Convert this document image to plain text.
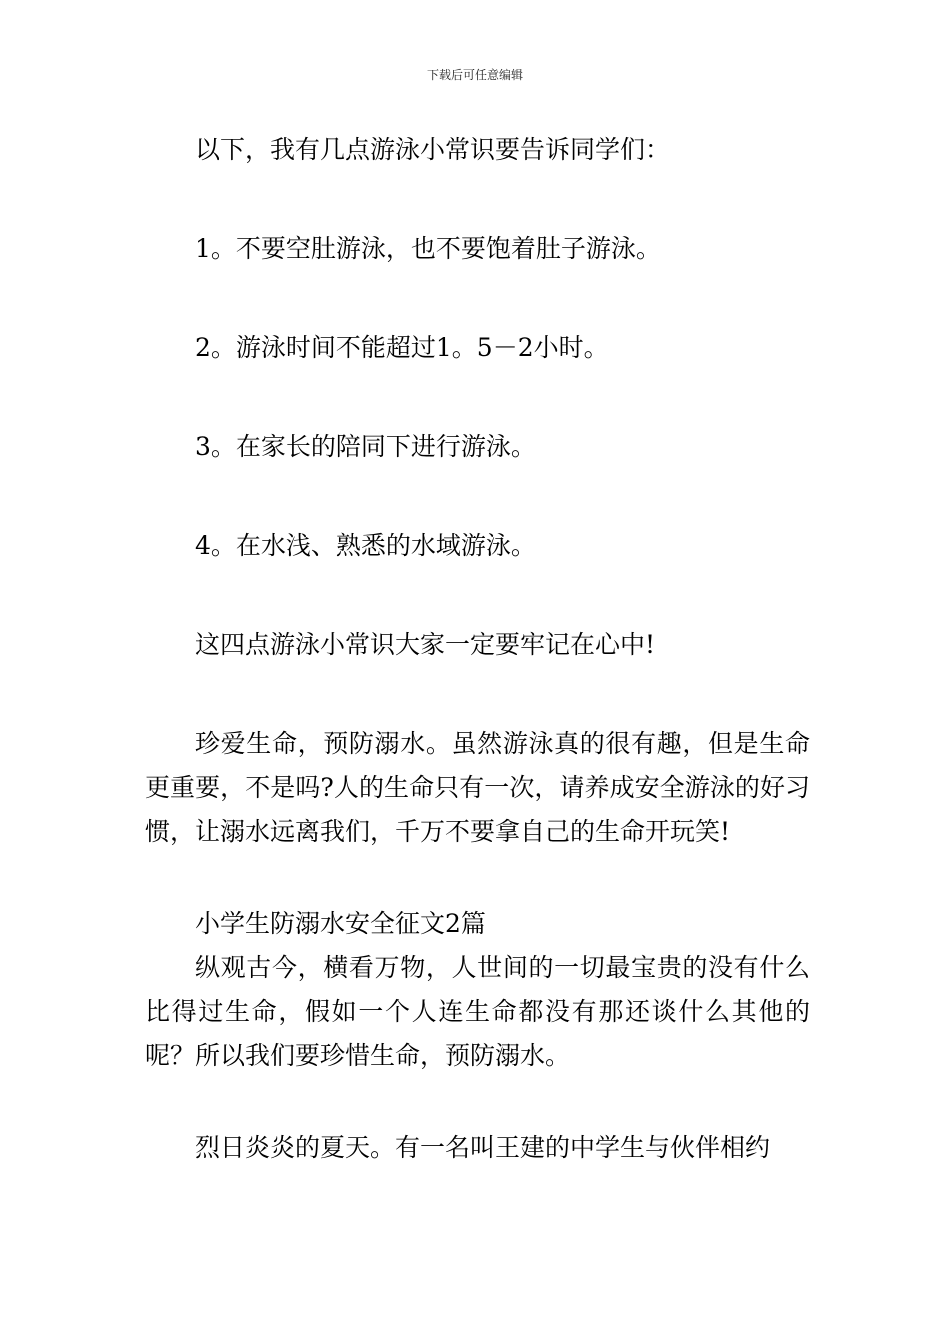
下载后可任意编辑

以下，我有几点游泳小常识要告诉同学们：

1。不要空肚游泳，也不要饱着肚子游泳。

2。游泳时间不能超过1。5－2小时。

3。在家长的陪同下进行游泳。

4。在水浅、熟悉的水域游泳。

这四点游泳小常识大家一定要牢记在心中!

珍爱生命，预防溺水。虽然游泳真的很有趣，但是生命更重要，不是吗?人的生命只有一次，请养成安全游泳的好习惯，让溺水远离我们，千万不要拿自己的生命开玩笑!

小学生防溺水安全征文2篇

纵观古今，横看万物，人世间的一切最宝贵的没有什么比得过生命，假如一个人连生命都没有那还谈什么其他的呢？所以我们要珍惜生命，预防溺水。

烈日炎炎的夏天。有一名叫王建的中学生与伙伴相约
